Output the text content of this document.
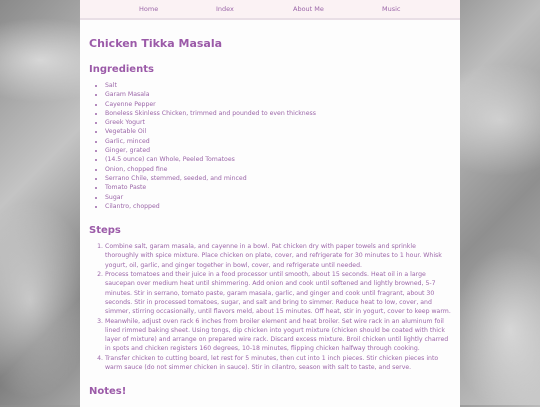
Home	Index	About Me	Music
Chicken Tikka Masala
Ingredients
• Salt
• Garam Masala
• Cayenne Pepper
• Boneless Skinless Chicken, trimmed and pounded to even thickness
• Greek Yogurt
• Vegetable Oil
• Garlic, minced
• Ginger, grated
• (14.5 ounce) can Whole, Peeled Tomatoes
• Onion, chopped fine
• Serrano Chile, stemmed, seeded, and minced
• Tomato Paste
• Sugar
• Cilantro, chopped
Steps
1. Combine salt, garam masala, and cayenne in a bowl. Pat chicken dry with paper towels and sprinkle thoroughly with spice mixture. Place chicken on plate, cover, and refrigerate for 30 minutes to 1 hour. Whisk yogurt, oil, garlic, and ginger together in bowl, cover, and refrigerate until needed.
2. Process tomatoes and their juice in a food processor until smooth, about 15 seconds. Heat oil in a large saucepan over medium heat until shimmering. Add onion and cook until softened and lightly browned, 5-7 minutes. Stir in serrano, tomato paste, garam masala, garlic, and ginger and cook until fragrant, about 30 seconds. Stir in processed tomatoes, sugar, and salt and bring to simmer. Reduce heat to low, cover, and simmer, stirring occasionally, until flavors meld, about 15 minutes. Off heat, stir in yogurt, cover to keep warm.
3. Meanwhile, adjust oven rack 6 inches from broiler element and heat broiler. Set wire rack in an aluminum foil lined rimmed baking sheet. Using tongs, dip chicken into yogurt mixture (chicken should be coated with thick layer of mixture) and arrange on prepared wire rack. Discard excess mixture. Broil chicken until lightly charred in spots and chicken registers 160 degrees, 10-18 minutes, flipping chicken halfway through cooking.
4. Transfer chicken to cutting board, let rest for 5 minutes, then cut into 1 inch pieces. Stir chicken pieces into warm sauce (do not simmer chicken in sauce). Stir in cilantro, season with salt to taste, and serve.
Notes!
